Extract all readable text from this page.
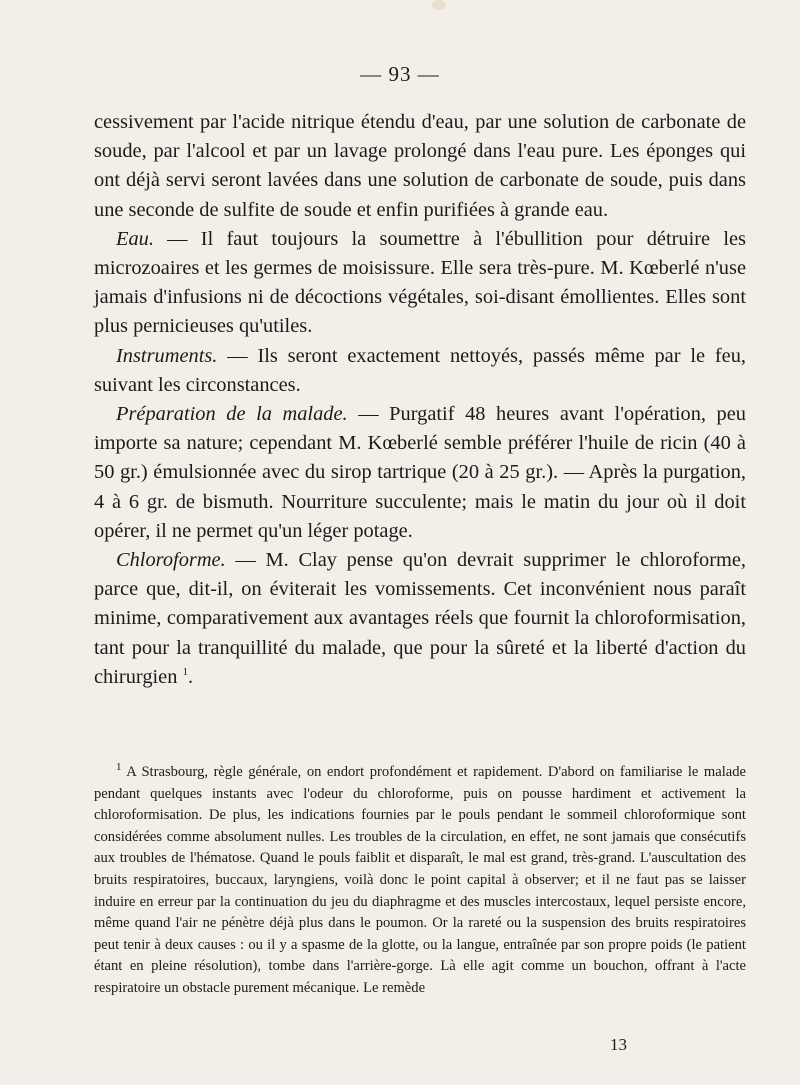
— 93 —

cessivement par l'acide nitrique étendu d'eau, par une solution de carbonate de soude, par l'alcool et par un lavage prolongé dans l'eau pure. Les éponges qui ont déjà servi seront lavées dans une solution de carbonate de soude, puis dans une seconde de sulfite de soude et enfin purifiées à grande eau.

Eau. — Il faut toujours la soumettre à l'ébullition pour détruire les microzoaires et les germes de moisissure. Elle sera très-pure. M. Kœberlé n'use jamais d'infusions ni de décoctions végétales, soi-disant émollientes. Elles sont plus pernicieuses qu'utiles.

Instruments. — Ils seront exactement nettoyés, passés même par le feu, suivant les circonstances.

Préparation de la malade. — Purgatif 48 heures avant l'opération, peu importe sa nature; cependant M. Kœberlé semble préférer l'huile de ricin (40 à 50 gr.) émulsionnée avec du sirop tartrique (20 à 25 gr.). — Après la purgation, 4 à 6 gr. de bismuth. Nourriture succulente; mais le matin du jour où il doit opérer, il ne permet qu'un léger potage.

Chloroforme. — M. Clay pense qu'on devrait supprimer le chloroforme, parce que, dit-il, on éviterait les vomissements. Cet inconvénient nous paraît minime, comparativement aux avantages réels que fournit la chloroformisation, tant pour la tranquillité du malade, que pour la sûreté et la liberté d'action du chirurgien $^1$.

$^1$ A Strasbourg, règle générale, on endort profondément et rapidement. D'abord on familiarise le malade pendant quelques instants avec l'odeur du chloroforme, puis on pousse hardiment et activement la chloroformisation. De plus, les indications fournies par le pouls pendant le sommeil chloroformique sont considérées comme absolument nulles. Les troubles de la circulation, en effet, ne sont jamais que consécutifs aux troubles de l'hématose. Quand le pouls faiblit et disparaît, le mal est grand, très-grand. L'auscultation des bruits respiratoires, buccaux, laryngiens, voilà donc le point capital à observer; et il ne faut pas se laisser induire en erreur par la continuation du jeu du diaphragme et des muscles intercostaux, lequel persiste encore, même quand l'air ne pénètre déjà plus dans le poumon. Or la rareté ou la suspension des bruits respiratoires peut tenir à deux causes : ou il y a spasme de la glotte, ou la langue, entraînée par son propre poids (le patient étant en pleine résolution), tombe dans l'arrière-gorge. Là elle agit comme un bouchon, offrant à l'acte respiratoire un obstacle purement mécanique. Le remède

13
